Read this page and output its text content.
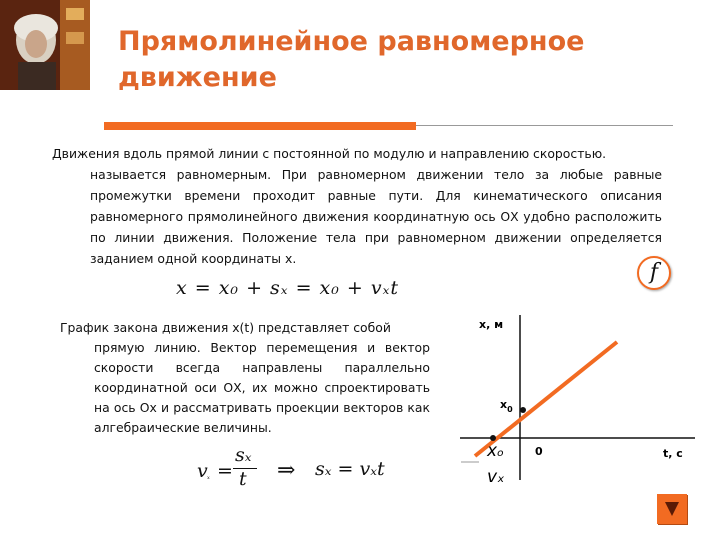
Прямолинейное равномерное движение
Движения вдоль прямой линии с постоянной по модулю и направлению скоростью.
называется равномерным. При равномерном движении тело за любые равные промежутки времени проходит равные пути. Для кинематического описания равномерного прямолинейного движения координатную ось ОХ удобно расположить по линии движения. Положение тела при равномерном движении определяется заданием одной координаты x.
x = x₀ + sₓ = x₀ + vₓt
f
График закона движения x(t) представляет собой
прямую линию. Вектор перемещения и вектор скорости всегда направлены параллельно координатной оси ОХ, их можно спроектировать на ось Ох и рассматривать проекции векторов как алгебраические величины.
v ₓ =
sₓ
t ⇒ sₓ = vₓt
x, м
t, с
$x_0$
0
xₒ
vₓ
